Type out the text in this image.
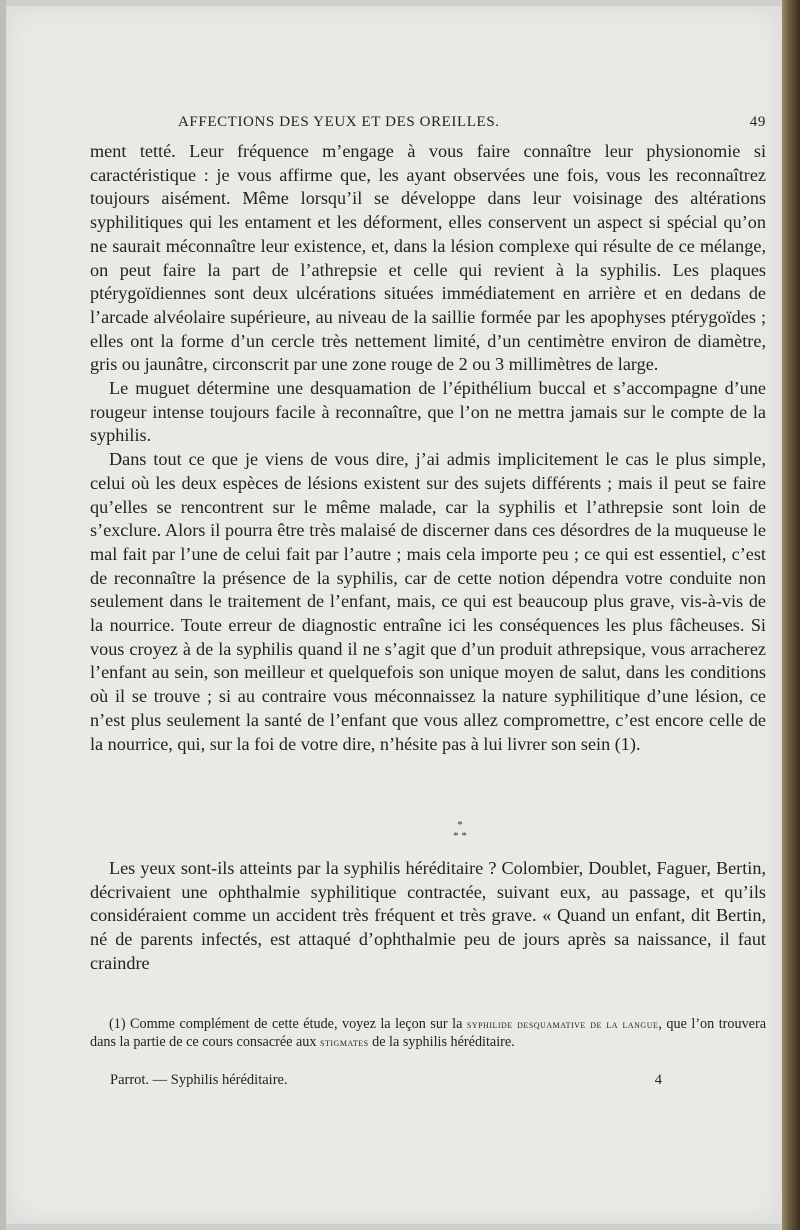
AFFECTIONS DES YEUX ET DES OREILLES.	49

ment tetté. Leur fréquence m’engage à vous faire connaître leur physionomie si caractéristique : je vous affirme que, les ayant observées une fois, vous les reconnaîtrez toujours aisément. Même lorsqu’il se développe dans leur voisinage des altérations syphilitiques qui les entament et les déforment, elles conservent un aspect si spécial qu’on ne saurait méconnaître leur existence, et, dans la lésion complexe qui résulte de ce mélange, on peut faire la part de l’athrepsie et celle qui revient à la syphilis. Les plaques ptérygoïdiennes sont deux ulcérations situées immédiatement en arrière et en dedans de l’arcade alvéolaire supérieure, au niveau de la saillie formée par les apophyses ptérygoïdes ; elles ont la forme d’un cercle très nettement limité, d’un centimètre environ de diamètre, gris ou jaunâtre, circonscrit par une zone rouge de 2 ou 3 millimètres de large.

Le muguet détermine une desquamation de l’épithélium buccal et s’accompagne d’une rougeur intense toujours facile à reconnaître, que l’on ne mettra jamais sur le compte de la syphilis.

Dans tout ce que je viens de vous dire, j’ai admis implicitement le cas le plus simple, celui où les deux espèces de lésions existent sur des sujets différents ; mais il peut se faire qu’elles se rencontrent sur le même malade, car la syphilis et l’athrepsie sont loin de s’exclure. Alors il pourra être très malaisé de discerner dans ces désordres de la muqueuse le mal fait par l’une de celui fait par l’autre ; mais cela importe peu ; ce qui est essentiel, c’est de reconnaître la présence de la syphilis, car de cette notion dépendra votre conduite non seulement dans le traitement de l’enfant, mais, ce qui est beaucoup plus grave, vis-à-vis de la nourrice. Toute erreur de diagnostic entraîne ici les conséquences les plus fâcheuses. Si vous croyez à de la syphilis quand il ne s’agit que d’un produit athrepsique, vous arracherez l’enfant au sein, son meilleur et quelquefois son unique moyen de salut, dans les conditions où il se trouve ; si au contraire vous méconnaissez la nature syphilitique d’une lésion, ce n’est plus seulement la santé de l’enfant que vous allez compromettre, c’est encore celle de la nourrice, qui, sur la foi de votre dire, n’hésite pas à lui livrer son sein (1).

*
* *

Les yeux sont-ils atteints par la syphilis héréditaire ? Colombier, Doublet, Faguer, Bertin, décrivaient une ophthalmie syphilitique contractée, suivant eux, au passage, et qu’ils considéraient comme un accident très fréquent et très grave. « Quand un enfant, dit Bertin, né de parents infectés, est attaqué d’ophthalmie peu de jours après sa naissance, il faut craindre

(1) Comme complément de cette étude, voyez la leçon sur la syphilide desquamative de la langue, que l’on trouvera dans la partie de ce cours consacrée aux stigmates de la syphilis héréditaire.

Parrot. — Syphilis héréditaire.	4
